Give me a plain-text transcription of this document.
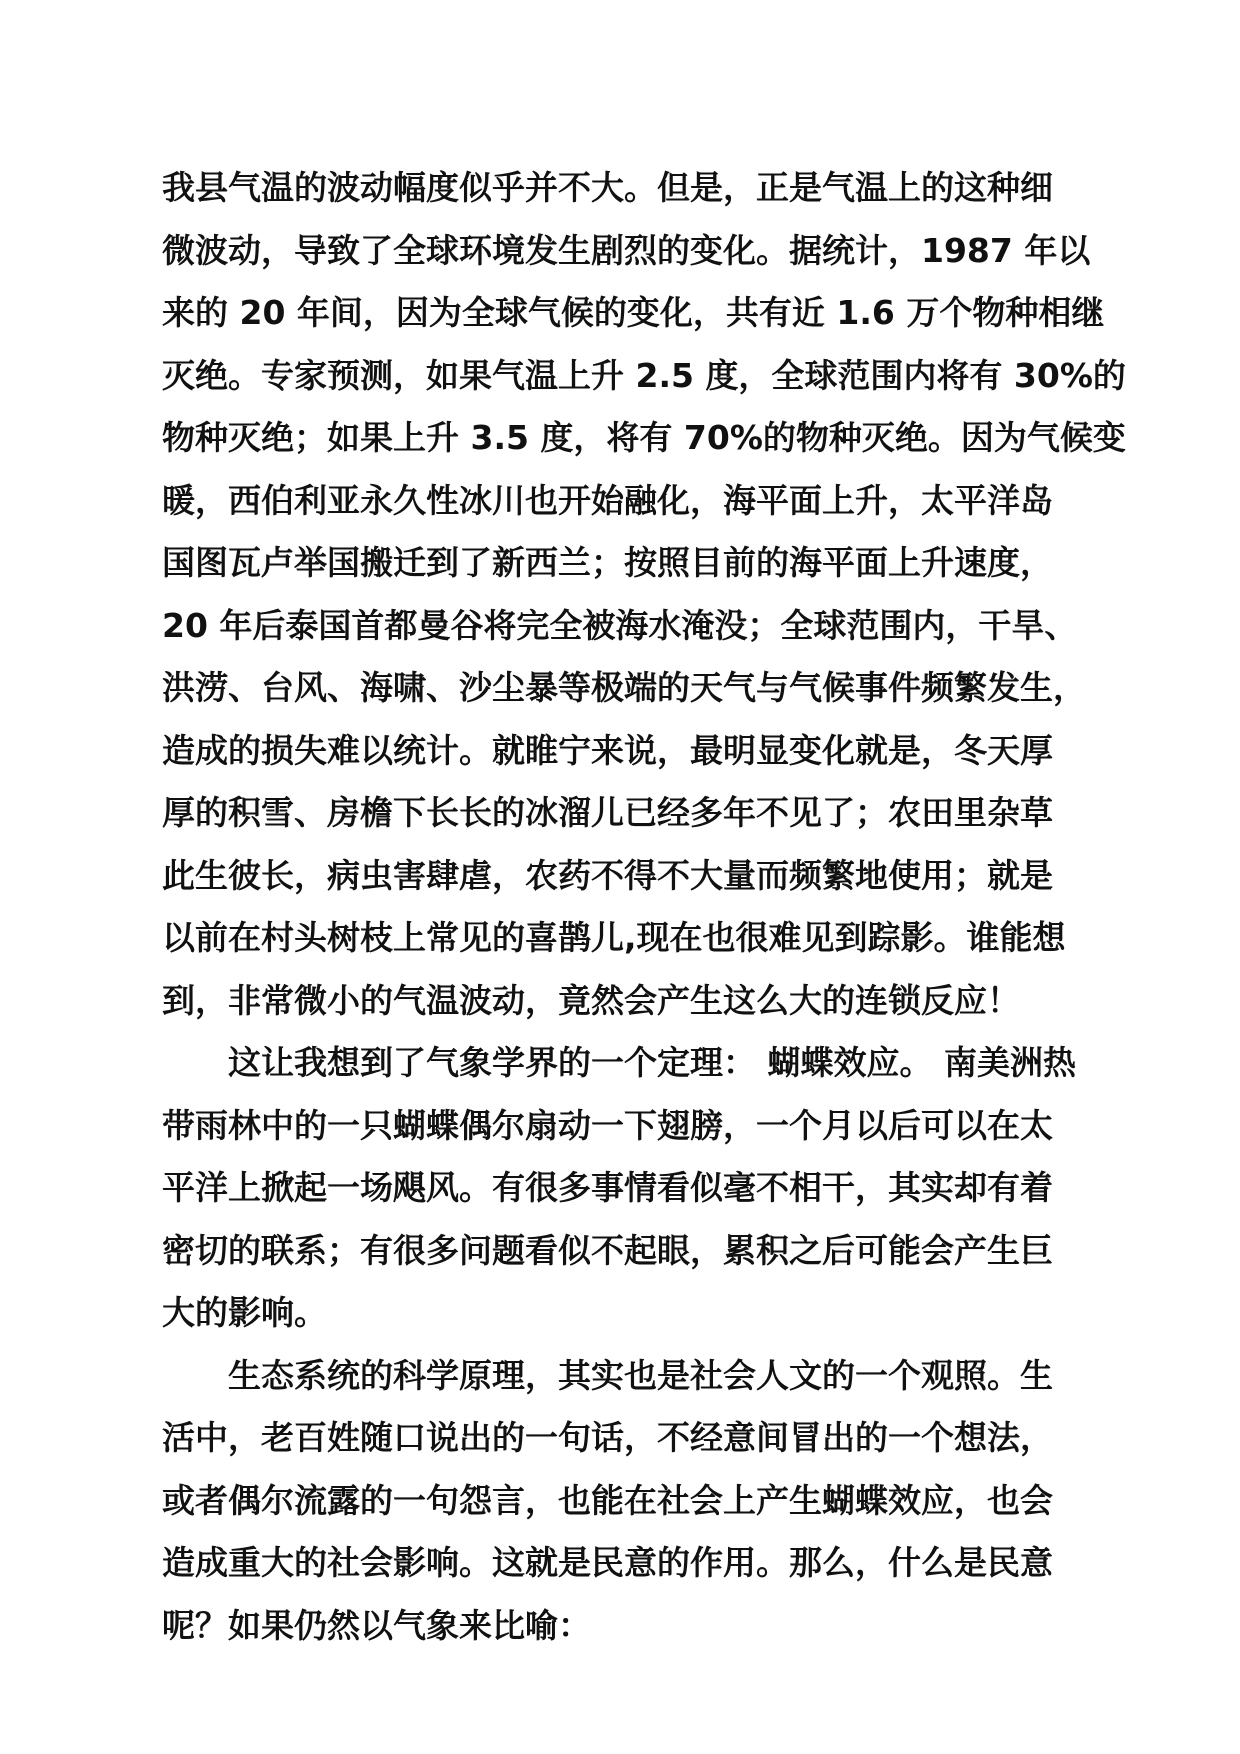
我县气温的波动幅度似乎并不大。但是，正是气温上的这种细
微波动，导致了全球环境发生剧烈的变化。据统计，1987 年以
来的 20 年间，因为全球气候的变化，共有近 1.6 万个物种相继
灭绝。专家预测，如果气温上升 2.5 度，全球范围内将有 30%的
物种灭绝；如果上升 3.5 度，将有 70%的物种灭绝。因为气候变
暖，西伯利亚永久性冰川也开始融化，海平面上升，太平洋岛
国图瓦卢举国搬迁到了新西兰；按照目前的海平面上升速度，
20 年后泰国首都曼谷将完全被海水淹没；全球范围内，干旱、
洪涝、台风、海啸、沙尘暴等极端的天气与气候事件频繁发生，
造成的损失难以统计。就睢宁来说，最明显变化就是，冬天厚
厚的积雪、房檐下长长的冰溜儿已经多年不见了；农田里杂草
此生彼长，病虫害肆虐，农药不得不大量而频繁地使用；就是
以前在村头树枝上常见的喜鹊儿,现在也很难见到踪影。谁能想
到，非常微小的气温波动，竟然会产生这么大的连锁反应！
这让我想到了气象学界的一个定理： 蝴蝶效应。 南美洲热
带雨林中的一只蝴蝶偶尔扇动一下翅膀，一个月以后可以在太
平洋上掀起一场飓风。有很多事情看似毫不相干，其实却有着
密切的联系；有很多问题看似不起眼，累积之后可能会产生巨
大的影响。
生态系统的科学原理，其实也是社会人文的一个观照。生
活中，老百姓随口说出的一句话，不经意间冒出的一个想法，
或者偶尔流露的一句怨言，也能在社会上产生蝴蝶效应，也会
造成重大的社会影响。这就是民意的作用。那么，什么是民意
呢？如果仍然以气象来比喻：
